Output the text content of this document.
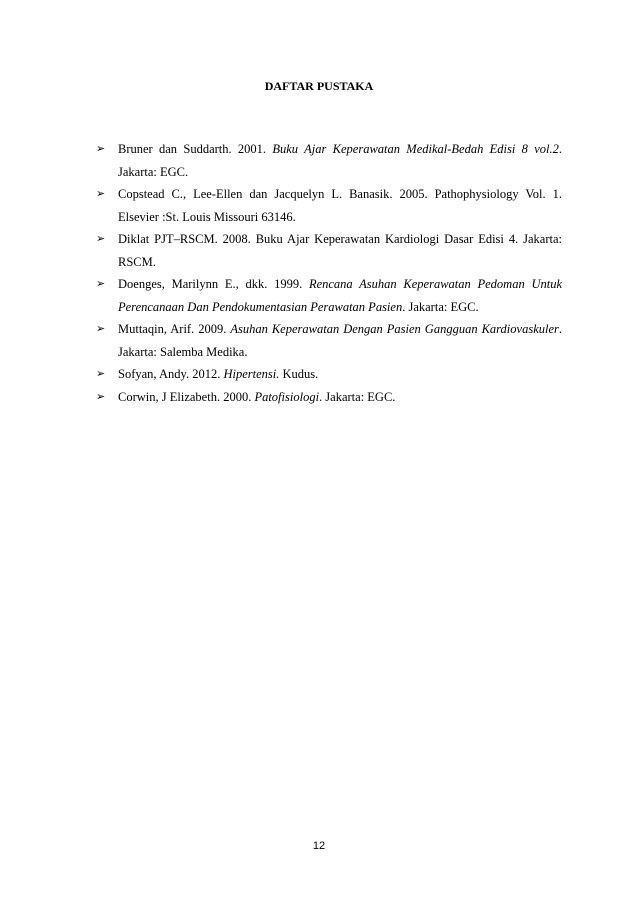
DAFTAR PUSTAKA
➢	Bruner dan Suddarth. 2001. Buku Ajar Keperawatan Medikal-Bedah Edisi 8 vol.2. Jakarta: EGC.
➢	Copstead C., Lee-Ellen dan Jacquelyn L. Banasik. 2005. Pathophysiology Vol. 1. Elsevier :St. Louis Missouri 63146.
➢	Diklat PJT–RSCM. 2008. Buku Ajar Keperawatan Kardiologi Dasar Edisi 4. Jakarta: RSCM.
➢	Doenges, Marilynn E., dkk. 1999. Rencana Asuhan Keperawatan Pedoman Untuk Perencanaan Dan Pendokumentasian Perawatan Pasien. Jakarta: EGC.
➢	Muttaqin, Arif. 2009. Asuhan Keperawatan Dengan Pasien Gangguan Kardiovaskuler. Jakarta: Salemba Medika.
➢	Sofyan, Andy. 2012. Hipertensi. Kudus.
➢	Corwin, J Elizabeth. 2000. Patofisiologi. Jakarta: EGC.

12
